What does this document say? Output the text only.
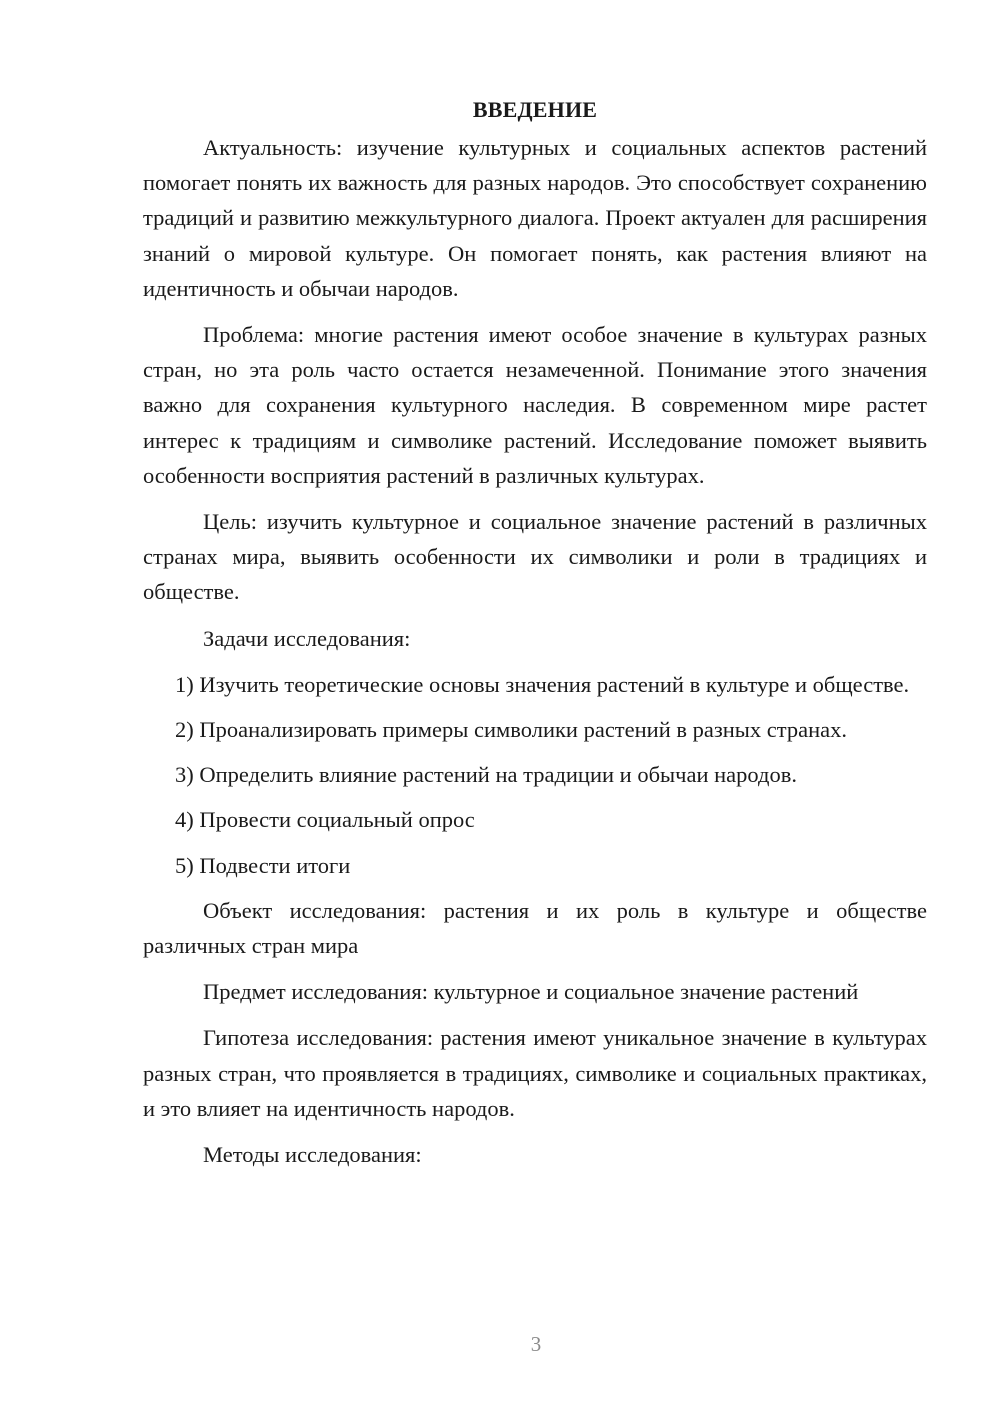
ВВЕДЕНИЕ

Актуальность: изучение культурных и социальных аспектов растений помогает понять их важность для разных народов. Это способствует сохранению традиций и развитию межкультурного диалога. Проект актуален для расширения знаний о мировой культуре. Он помогает понять, как растения влияют на идентичность и обычаи народов.

Проблема: многие растения имеют особое значение в культурах разных стран, но эта роль часто остается незамеченной. Понимание этого значения важно для сохранения культурного наследия. В современном мире растет интерес к традициям и символике растений. Исследование поможет выявить особенности восприятия растений в различных культурах.

Цель: изучить культурное и социальное значение растений в различных странах мира, выявить особенности их символики и роли в традициях и обществе.

Задачи исследования:

1) Изучить теоретические основы значения растений в культуре и обществе.

2) Проанализировать примеры символики растений в разных странах.

3) Определить влияние растений на традиции и обычаи народов.

4) Провести социальный опрос

5) Подвести итоги

Объект исследования: растения и их роль в культуре и обществе различных стран мира

Предмет исследования: культурное и социальное значение растений

Гипотеза исследования: растения имеют уникальное значение в культурах разных стран, что проявляется в традициях, символике и социальных практиках, и это влияет на идентичность народов.

Методы исследования:

3
